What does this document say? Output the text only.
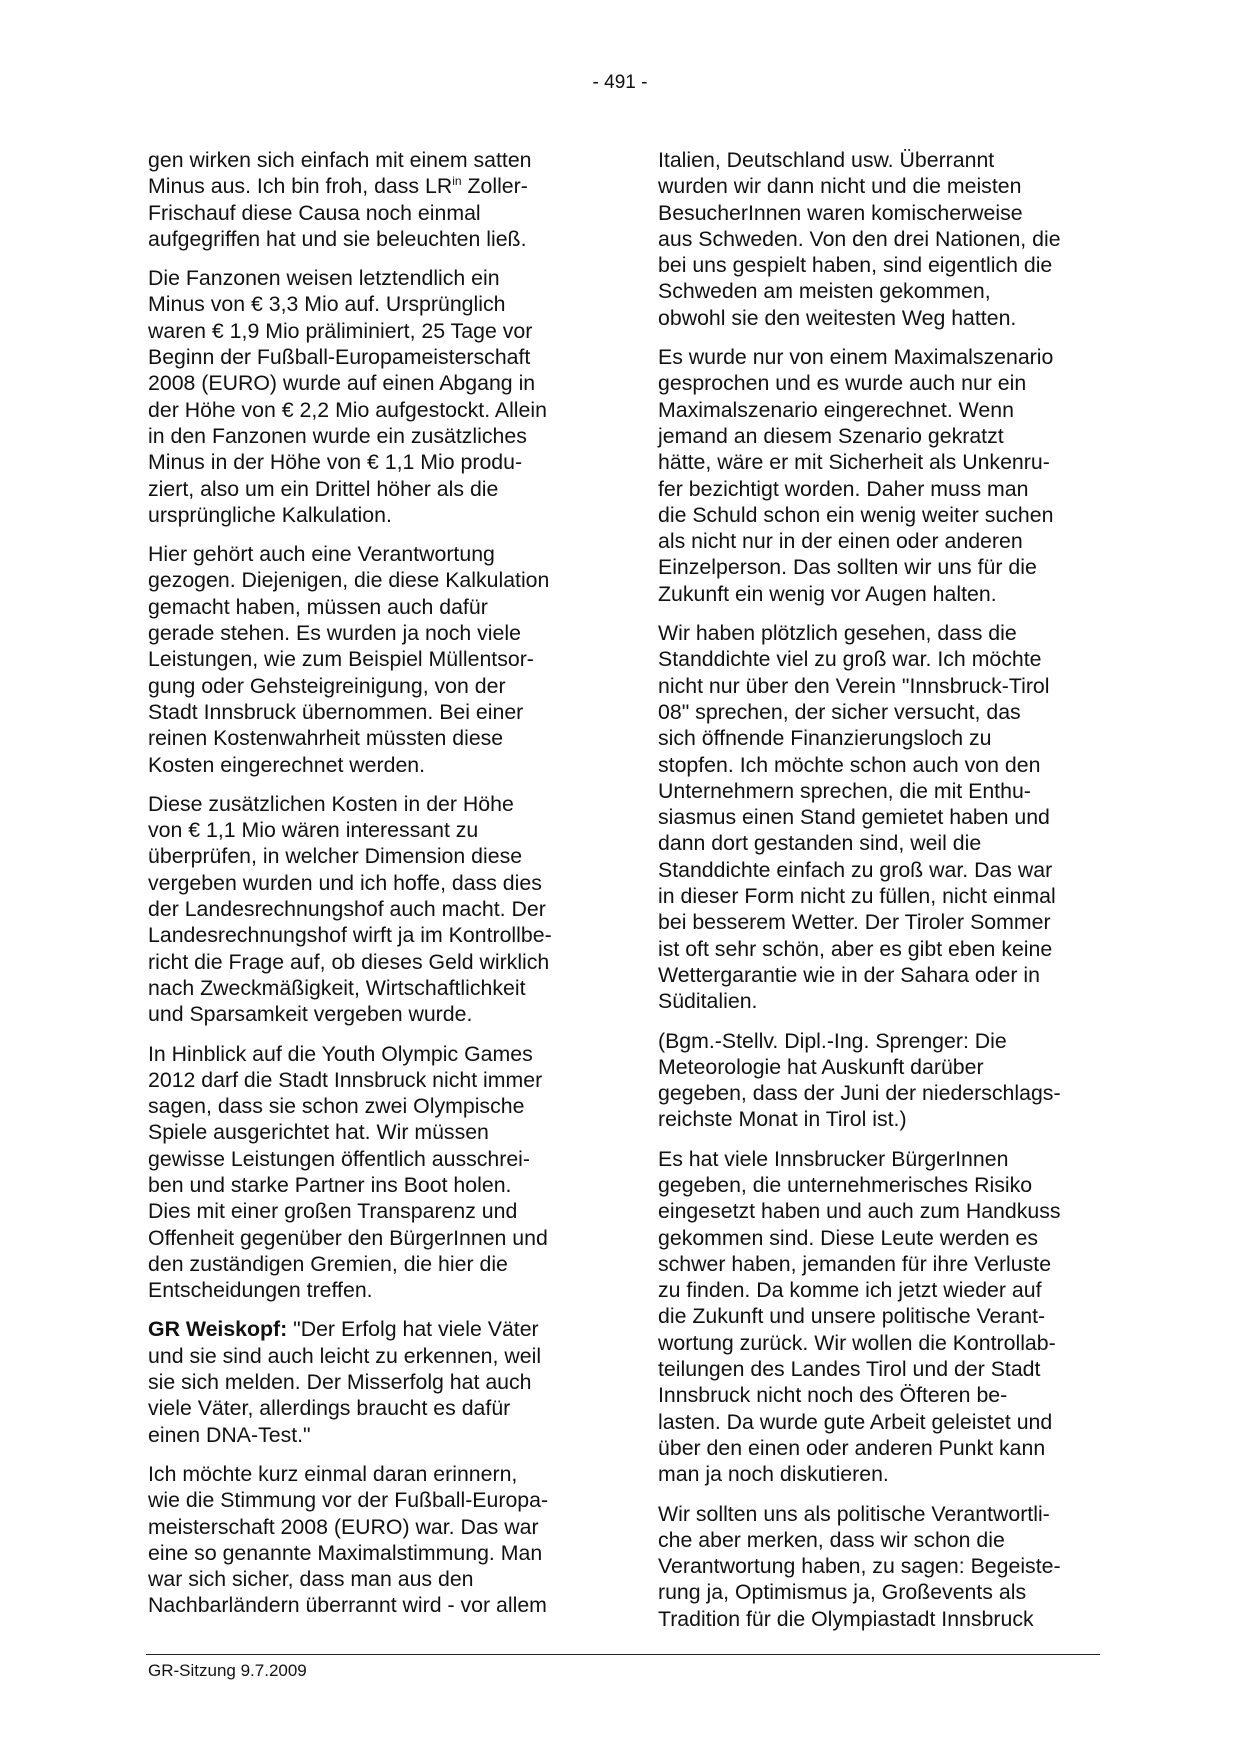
- 491 -

gen wirken sich einfach mit einem satten
Minus aus. Ich bin froh, dass $LR^{in}$ Zoller-
Frischauf diese Causa noch einmal
aufgegriffen hat und sie beleuchten ließ.

Die Fanzonen weisen letztendlich ein
Minus von € 3,3 Mio auf. Ursprünglich
waren € 1,9 Mio präliminiert, 25 Tage vor
Beginn der Fußball-Europameisterschaft
2008 (EURO) wurde auf einen Abgang in
der Höhe von € 2,2 Mio aufgestockt. Allein
in den Fanzonen wurde ein zusätzliches
Minus in der Höhe von € 1,1 Mio produ-
ziert, also um ein Drittel höher als die
ursprüngliche Kalkulation.

Hier gehört auch eine Verantwortung
gezogen. Diejenigen, die diese Kalkulation
gemacht haben, müssen auch dafür
gerade stehen. Es wurden ja noch viele
Leistungen, wie zum Beispiel Müllentsor-
gung oder Gehsteigreinigung, von der
Stadt Innsbruck übernommen. Bei einer
reinen Kostenwahrheit müssten diese
Kosten eingerechnet werden.

Diese zusätzlichen Kosten in der Höhe
von € 1,1 Mio wären interessant zu
überprüfen, in welcher Dimension diese
vergeben wurden und ich hoffe, dass dies
der Landesrechnungshof auch macht. Der
Landesrechnungshof wirft ja im Kontrollbe-
richt die Frage auf, ob dieses Geld wirklich
nach Zweckmäßigkeit, Wirtschaftlichkeit
und Sparsamkeit vergeben wurde.

In Hinblick auf die Youth Olympic Games
2012 darf die Stadt Innsbruck nicht immer
sagen, dass sie schon zwei Olympische
Spiele ausgerichtet hat. Wir müssen
gewisse Leistungen öffentlich ausschrei-
ben und starke Partner ins Boot holen.
Dies mit einer großen Transparenz und
Offenheit gegenüber den BürgerInnen und
den zuständigen Gremien, die hier die
Entscheidungen treffen.

GR Weiskopf: "Der Erfolg hat viele Väter
und sie sind auch leicht zu erkennen, weil
sie sich melden. Der Misserfolg hat auch
viele Väter, allerdings braucht es dafür
einen DNA-Test."

Ich möchte kurz einmal daran erinnern,
wie die Stimmung vor der Fußball-Europa-
meisterschaft 2008 (EURO) war. Das war
eine so genannte Maximalstimmung. Man
war sich sicher, dass man aus den
Nachbarländern überrannt wird - vor allem

Italien, Deutschland usw. Überrannt
wurden wir dann nicht und die meisten
BesucherInnen waren komischerweise
aus Schweden. Von den drei Nationen, die
bei uns gespielt haben, sind eigentlich die
Schweden am meisten gekommen,
obwohl sie den weitesten Weg hatten.

Es wurde nur von einem Maximalszenario
gesprochen und es wurde auch nur ein
Maximalszenario eingerechnet. Wenn
jemand an diesem Szenario gekratzt
hätte, wäre er mit Sicherheit als Unkenru-
fer bezichtigt worden. Daher muss man
die Schuld schon ein wenig weiter suchen
als nicht nur in der einen oder anderen
Einzelperson. Das sollten wir uns für die
Zukunft ein wenig vor Augen halten.

Wir haben plötzlich gesehen, dass die
Standdichte viel zu groß war. Ich möchte
nicht nur über den Verein "Innsbruck-Tirol
08" sprechen, der sicher versucht, das
sich öffnende Finanzierungsloch zu
stopfen. Ich möchte schon auch von den
Unternehmern sprechen, die mit Enthu-
siasmus einen Stand gemietet haben und
dann dort gestanden sind, weil die
Standdichte einfach zu groß war. Das war
in dieser Form nicht zu füllen, nicht einmal
bei besserem Wetter. Der Tiroler Sommer
ist oft sehr schön, aber es gibt eben keine
Wettergarantie wie in der Sahara oder in
Süditalien.

(Bgm.-Stellv. Dipl.-Ing. Sprenger: Die
Meteorologie hat Auskunft darüber
gegeben, dass der Juni der niederschlags-
reichste Monat in Tirol ist.)

Es hat viele Innsbrucker BürgerInnen
gegeben, die unternehmerisches Risiko
eingesetzt haben und auch zum Handkuss
gekommen sind. Diese Leute werden es
schwer haben, jemanden für ihre Verluste
zu finden. Da komme ich jetzt wieder auf
die Zukunft und unsere politische Verant-
wortung zurück. Wir wollen die Kontrollab-
teilungen des Landes Tirol und der Stadt
Innsbruck nicht noch des Öfteren be-
lasten. Da wurde gute Arbeit geleistet und
über den einen oder anderen Punkt kann
man ja noch diskutieren.

Wir sollten uns als politische Verantwortli-
che aber merken, dass wir schon die
Verantwortung haben, zu sagen: Begeiste-
rung ja, Optimismus ja, Großevents als
Tradition für die Olympiastadt Innsbruck

GR-Sitzung 9.7.2009
